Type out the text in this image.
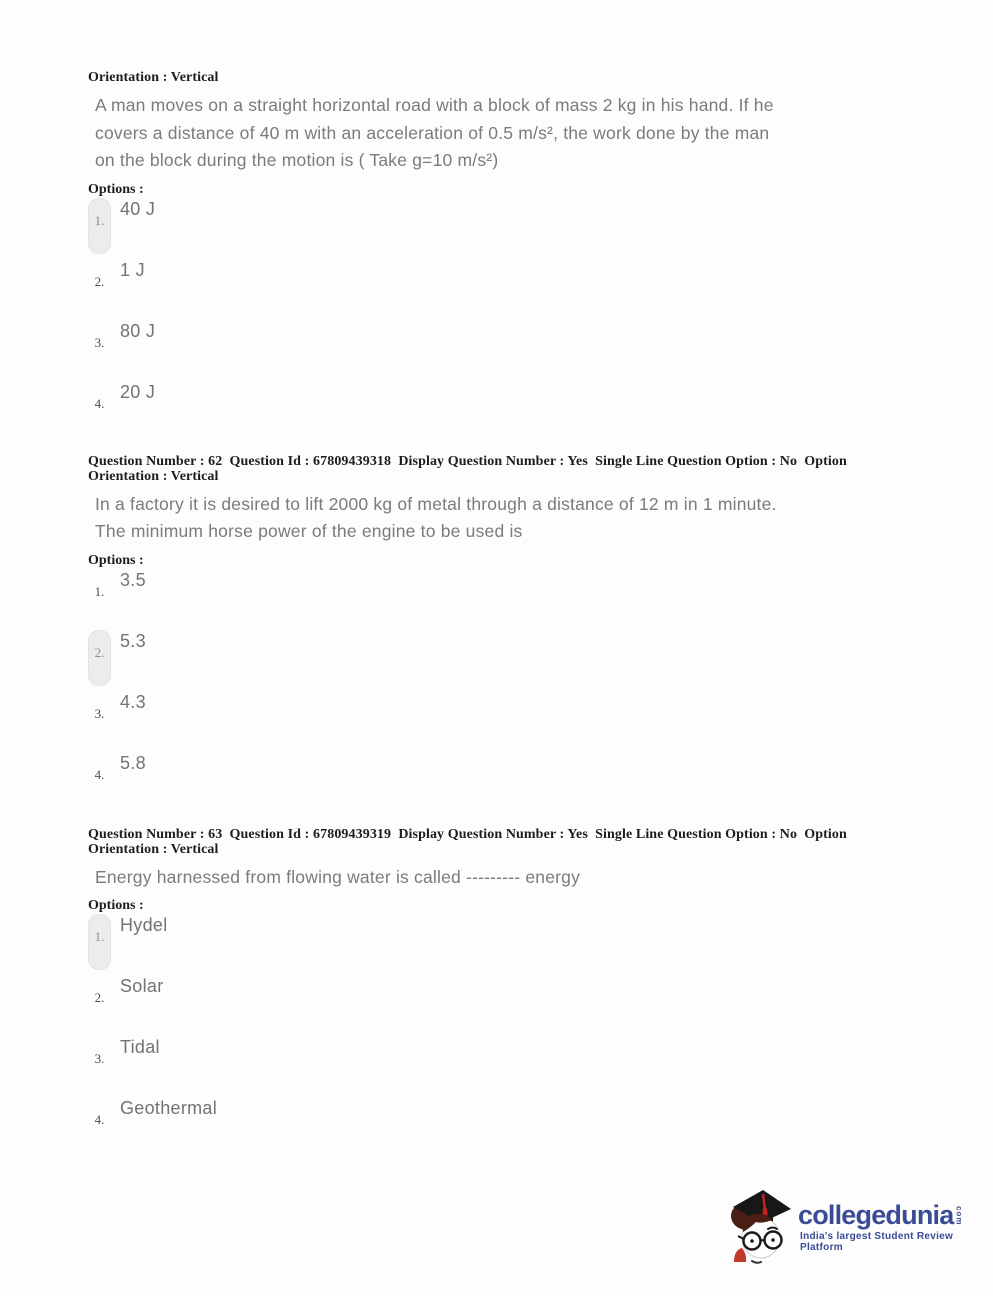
Orientation : Vertical
A man moves on a straight horizontal road with a block of mass 2 kg in his hand. If he
covers a distance of 40 m with an acceleration of 0.5 m/s², the work done by the man
on the block during the motion is ( Take g=10 m/s²)
Options :
1.
40 J
2.
1 J
3.
80 J
4.
20 J
Question Number : 62  Question Id : 67809439318  Display Question Number : Yes  Single Line Question Option : No  Option
Orientation : Vertical
In a factory it is desired to lift 2000 kg of metal through a distance of 12 m in 1 minute.
The minimum horse power of the engine to be used is
Options :
1.
3.5
2.
5.3
3.
4.3
4.
5.8
Question Number : 63  Question Id : 67809439319  Display Question Number : Yes  Single Line Question Option : No  Option
Orientation : Vertical
Energy harnessed from flowing water is called --------- energy
Options :
1.
Hydel
2.
Solar
3.
Tidal
4.
Geothermal
collegedunia com
India's largest Student Review Platform
